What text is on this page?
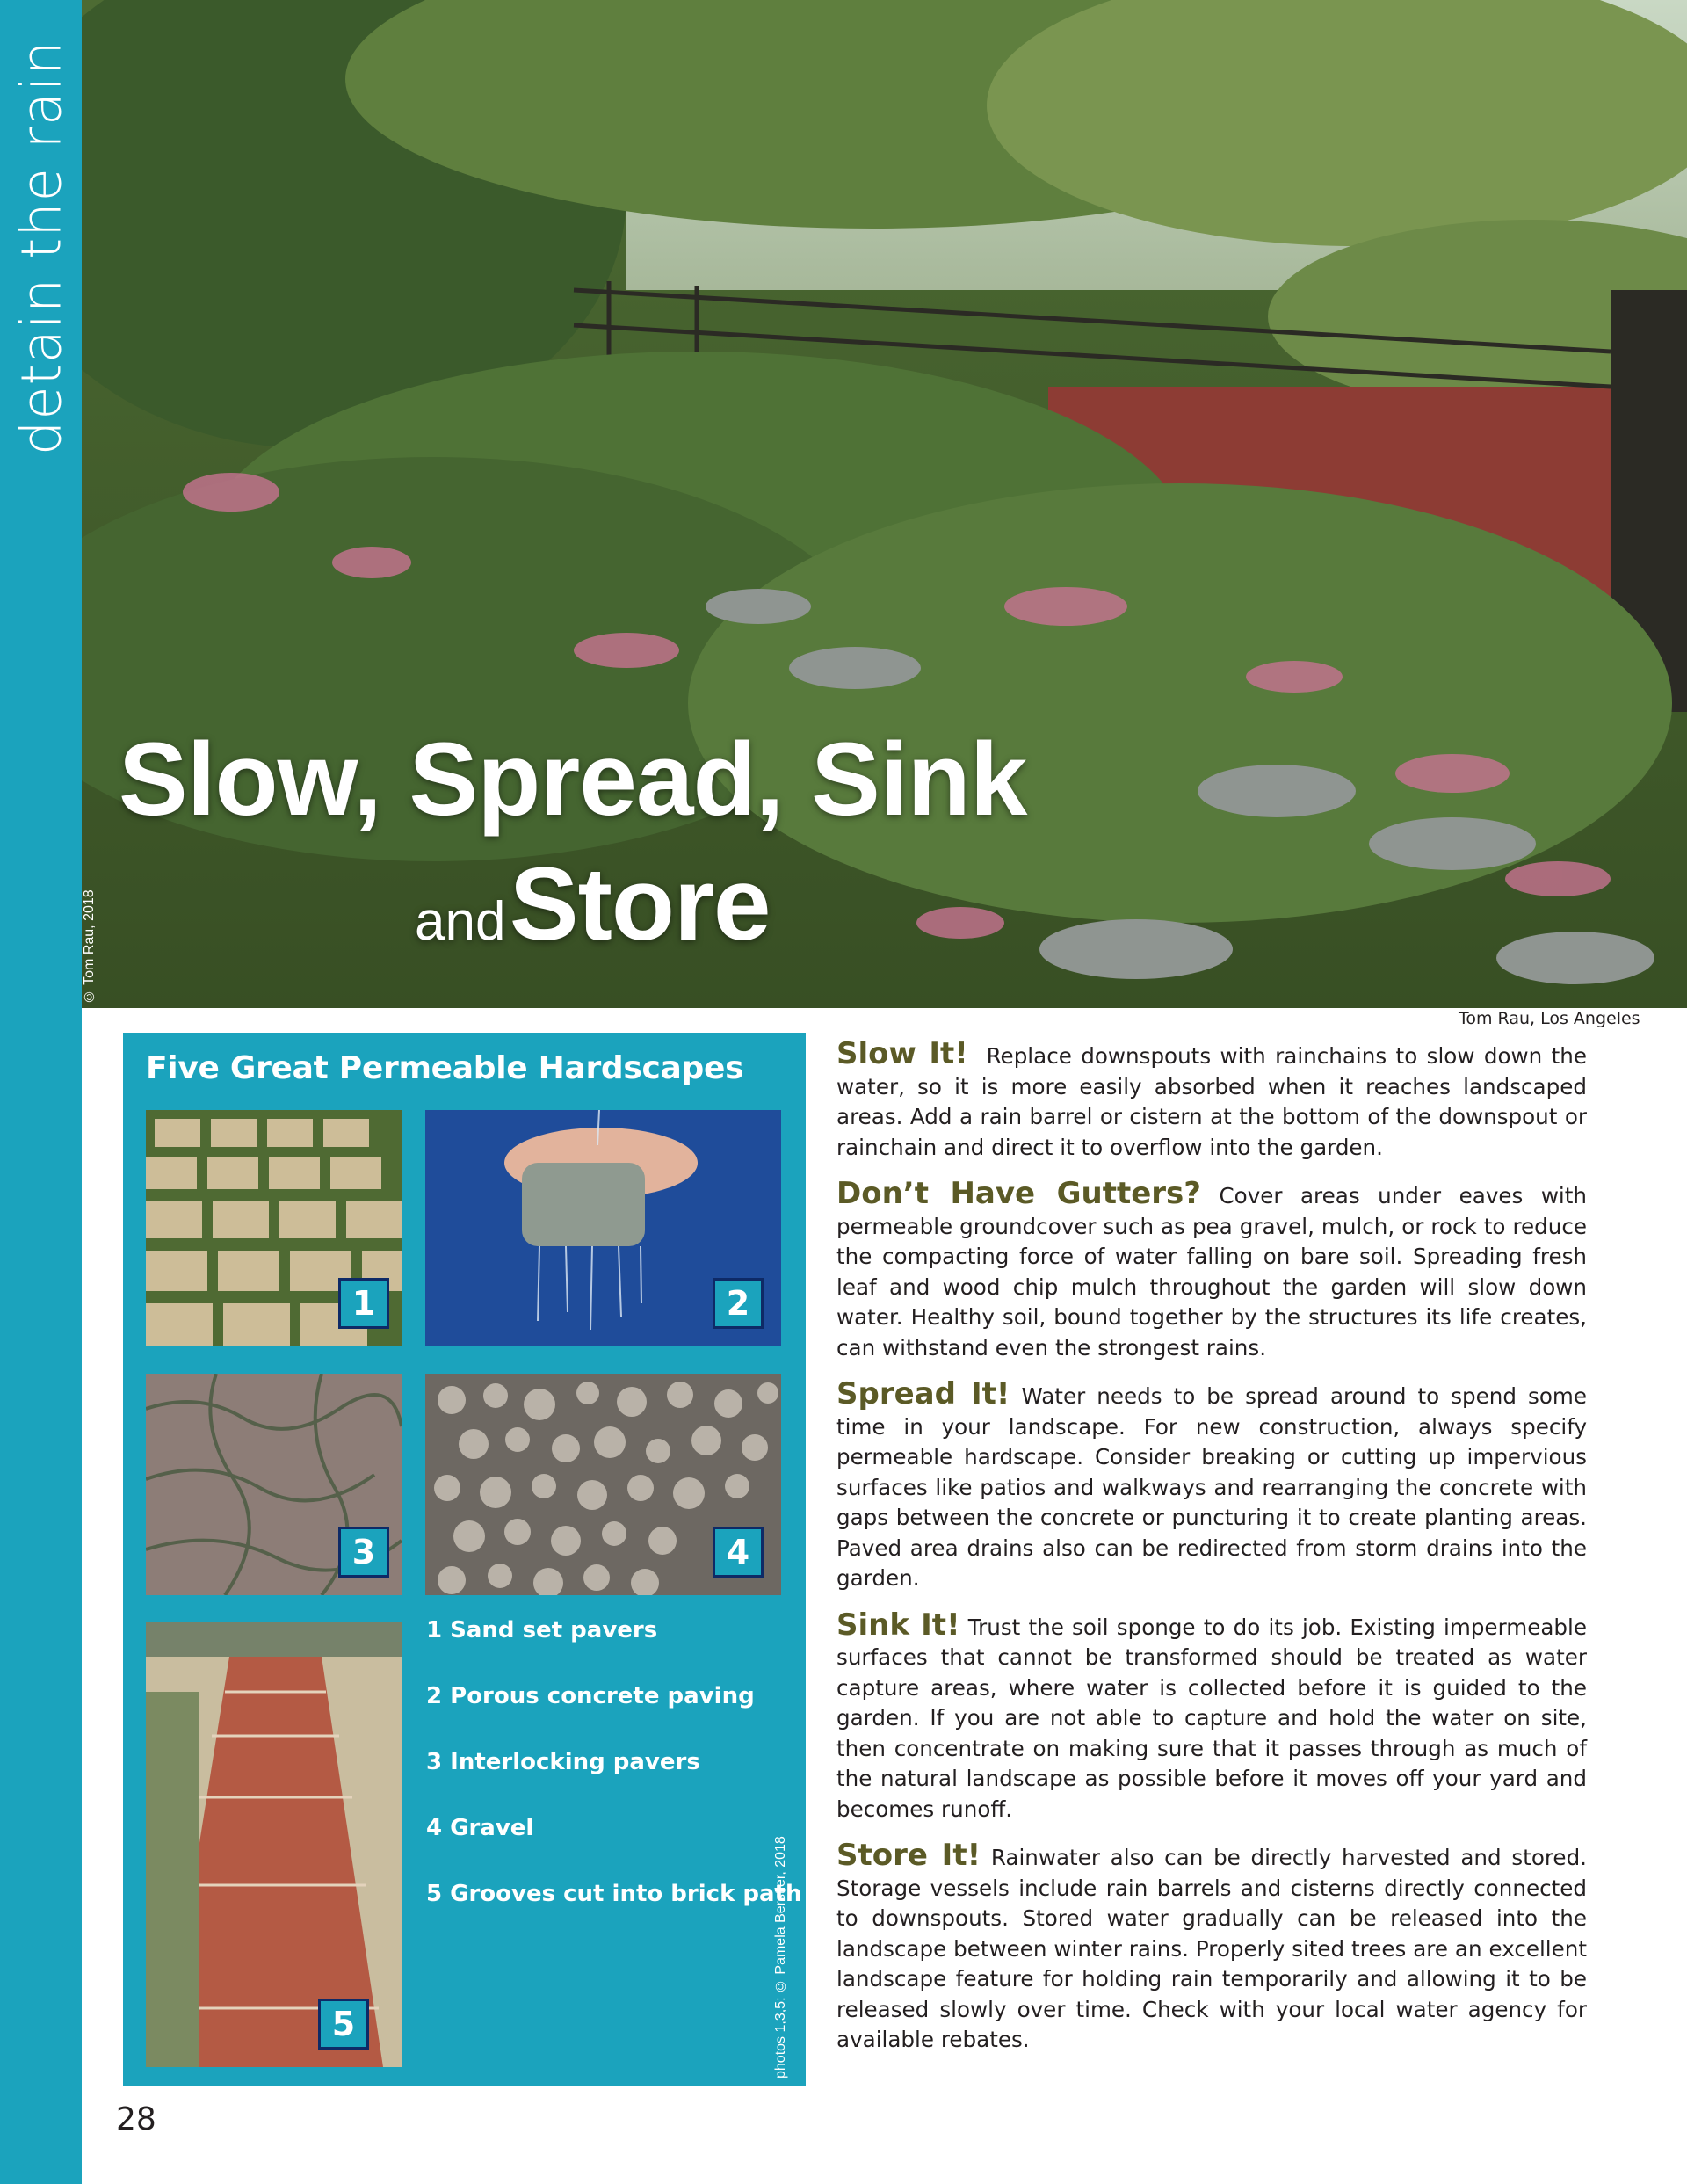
detain the rain
© Tom Rau, 2018
Slow, Spread, Sink
and Store
Tom Rau, Los Angeles
Five Great Permeable Hardscapes
1	2
3	4
5
1 Sand set pavers
2 Porous concrete paving
3 Interlocking pavers
4 Gravel
5 Grooves cut into brick path
photos 1,3,5: © Pamela Berstler, 2018

Slow It! Replace downspouts with rainchains to slow down the water, so it is more easily absorbed when it reaches landscaped areas. Add a rain barrel or cistern at the bottom of the downspout or rainchain and direct it to overflow into the garden.

Don’t Have Gutters? Cover areas under eaves with permeable groundcover such as pea gravel, mulch, or rock to reduce the compacting force of water falling on bare soil. Spreading fresh leaf and wood chip mulch throughout the garden will slow down water. Healthy soil, bound together by the structures its life creates, can withstand even the strongest rains.

Spread It! Water needs to be spread around to spend some time in your landscape. For new construction, always specify permeable hardscape. Consider breaking or cutting up impervious surfaces like patios and walkways and rearranging the concrete with gaps between the concrete or puncturing it to create planting areas. Paved area drains also can be redirected from storm drains into the garden.

Sink It! Trust the soil sponge to do its job. Existing impermeable surfaces that cannot be transformed should be treated as water capture areas, where water is collected before it is guided to the garden. If you are not able to capture and hold the water on site, then concentrate on making sure that it passes through as much of the natural landscape as possible before it moves off your yard and becomes runoff.

Store It! Rainwater also can be directly harvested and stored. Storage vessels include rain barrels and cisterns directly connected to downspouts. Stored water gradually can be released into the landscape between winter rains. Properly sited trees are an excellent landscape feature for holding rain temporarily and allowing it to be released slowly over time. Check with your local water agency for available rebates.

28
